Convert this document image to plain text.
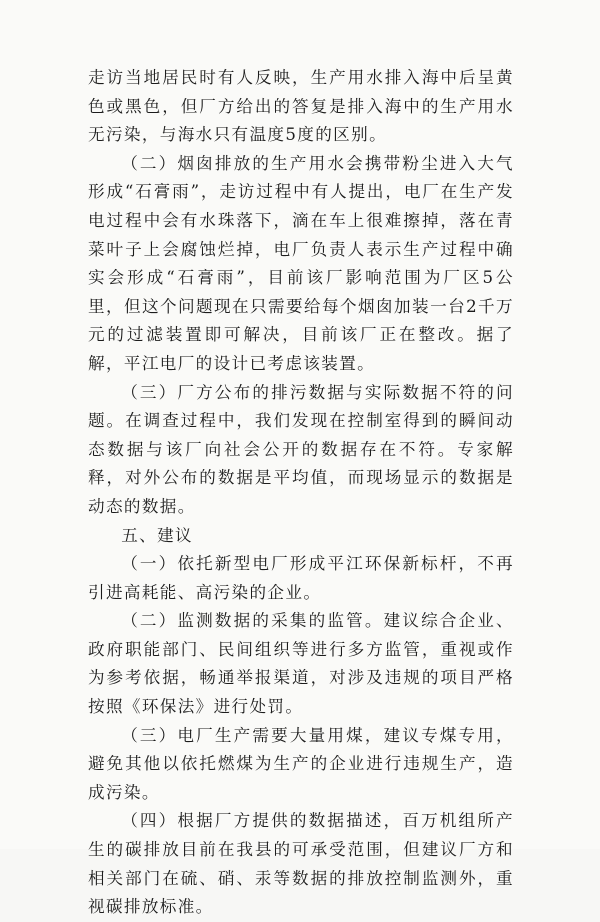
走访当地居民时有人反映，生产用水排入海中后呈黄色或黑色，但厂方给出的答复是排入海中的生产用水无污染，与海水只有温度5度的区别。

（二）烟囱排放的生产用水会携带粉尘进入大气形成“石膏雨”，走访过程中有人提出，电厂在生产发电过程中会有水珠落下，滴在车上很难擦掉，落在青菜叶子上会腐蚀烂掉，电厂负责人表示生产过程中确实会形成“石膏雨”，目前该厂影响范围为厂区5公里，但这个问题现在只需要给每个烟囱加装一台2千万元的过滤装置即可解决，目前该厂正在整改。据了解，平江电厂的设计已考虑该装置。

（三）厂方公布的排污数据与实际数据不符的问题。在调查过程中，我们发现在控制室得到的瞬间动态数据与该厂向社会公开的数据存在不符。专家解释，对外公布的数据是平均值，而现场显示的数据是动态的数据。

五、建议

（一）依托新型电厂形成平江环保新标杆，不再引进高耗能、高污染的企业。

（二）监测数据的采集的监管。建议综合企业、政府职能部门、民间组织等进行多方监管，重视或作为参考依据，畅通举报渠道，对涉及违规的项目严格按照《环保法》进行处罚。

（三）电厂生产需要大量用煤，建议专煤专用，避免其他以依托燃煤为生产的企业进行违规生产，造成污染。

（四）根据厂方提供的数据描述，百万机组所产生的碳排放目前在我县的可承受范围，但建议厂方和相关部门在硫、硝、汞等数据的排放控制监测外，重视碳排放标准。
